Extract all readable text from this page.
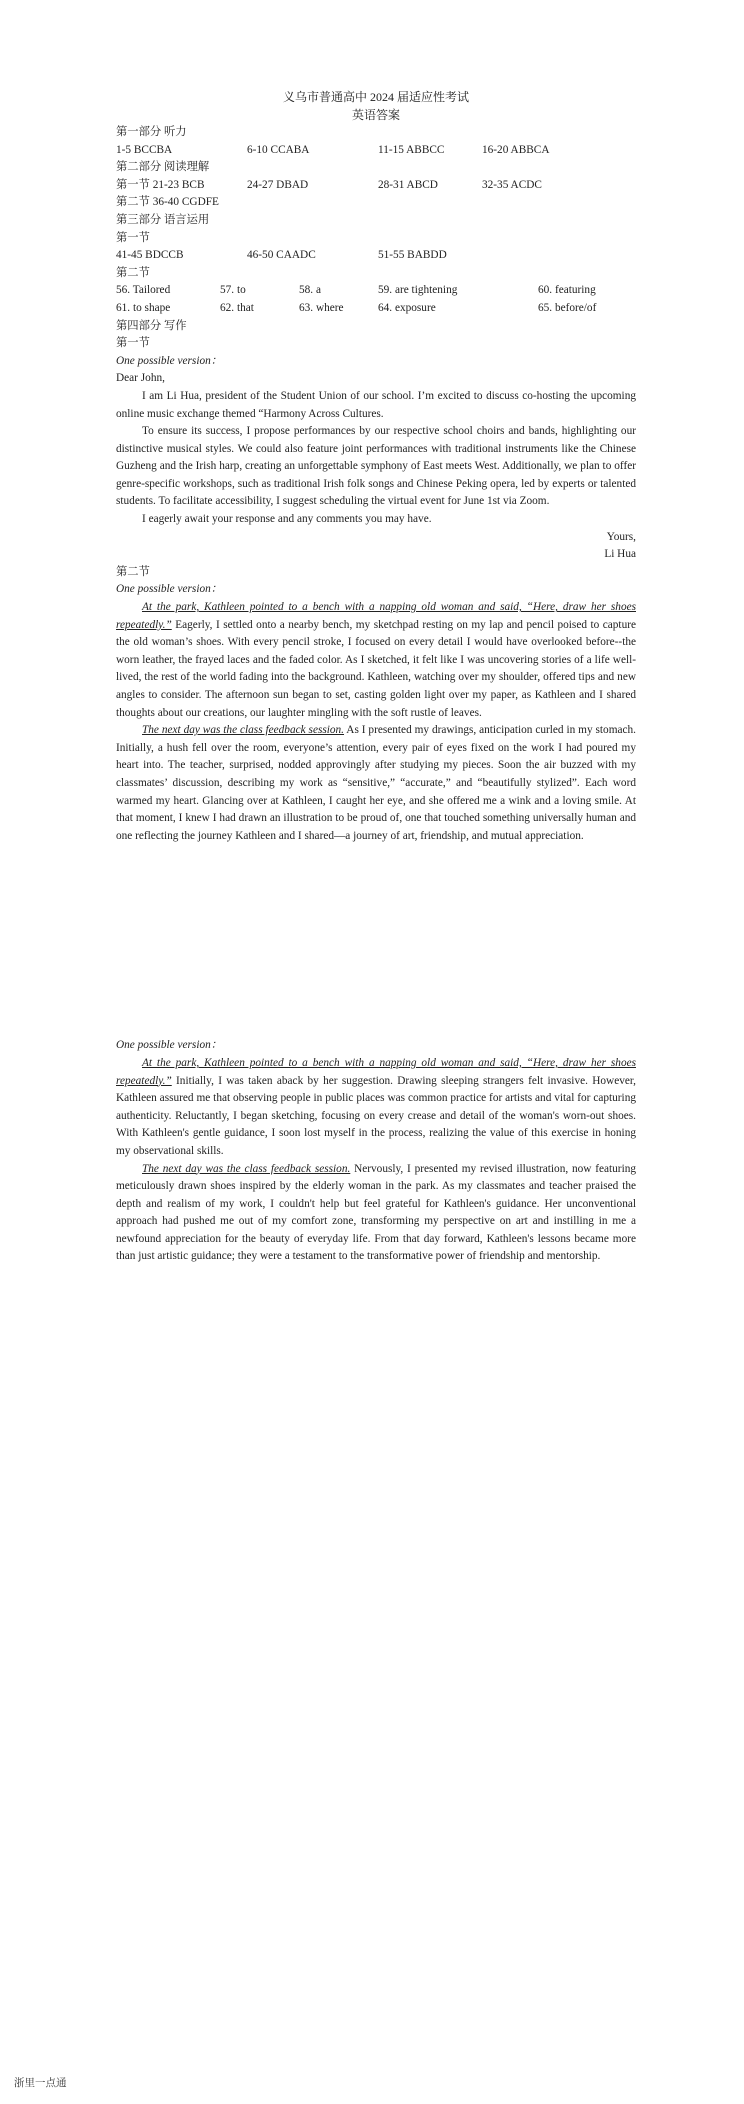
义乌市普通高中 2024 届适应性考试
英语答案
第一部分 听力
1-5 BCCBA	6-10 CCABA	11-15 ABBCC	16-20 ABBCA
第二部分 阅读理解
第一节 21-23 BCB	24-27 DBAD	28-31 ABCD	32-35 ACDC
第二节 36-40 CGDFE
第三部分 语言运用
第一节
41-45 BDCCB	46-50 CAADC	51-55 BABDD
第二节
56. Tailored	57. to	58. a	59. are tightening	60. featuring
61. to shape	62. that	63. where	64. exposure	65. before/of
第四部分 写作
第一节
One possible version：
Dear John,

I am Li Hua, president of the Student Union of our school. I’m excited to discuss co-hosting the upcoming online music exchange themed “Harmony Across Cultures.

To ensure its success, I propose performances by our respective school choirs and bands, highlighting our distinctive musical styles. We could also feature joint performances with traditional instruments like the Chinese Guzheng and the Irish harp, creating an unforgettable symphony of East meets West. Additionally, we plan to offer genre-specific workshops, such as traditional Irish folk songs and Chinese Peking opera, led by experts or talented students. To facilitate accessibility, I suggest scheduling the virtual event for June 1st via Zoom.

I eagerly await your response and any comments you may have.

Yours,
Li Hua
第二节
One possible version：

At the park, Kathleen pointed to a bench with a napping old woman and said, “Here, draw her shoes repeatedly.” Eagerly, I settled onto a nearby bench, my sketchpad resting on my lap and pencil poised to capture the old woman’s shoes. With every pencil stroke, I focused on every detail I would have overlooked before--the worn leather, the frayed laces and the faded color. As I sketched, it felt like I was uncovering stories of a life well-lived, the rest of the world fading into the background. Kathleen, watching over my shoulder, offered tips and new angles to consider. The afternoon sun began to set, casting golden light over my paper, as Kathleen and I shared thoughts about our creations, our laughter mingling with the soft rustle of leaves.

The next day was the class feedback session. As I presented my drawings, anticipation curled in my stomach. Initially, a hush fell over the room, everyone’s attention, every pair of eyes fixed on the work I had poured my heart into. The teacher, surprised, nodded approvingly after studying my pieces. Soon the air buzzed with my classmates’ discussion, describing my work as “sensitive,” “accurate,” and “beautifully stylized”. Each word warmed my heart. Glancing over at Kathleen, I caught her eye, and she offered me a wink and a loving smile. At that moment, I knew I had drawn an illustration to be proud of, one that touched something universally human and one reflecting the journey Kathleen and I shared—a journey of art, friendship, and mutual appreciation.

One possible version：

At the park, Kathleen pointed to a bench with a napping old woman and said, “Here, draw her shoes repeatedly.” Initially, I was taken aback by her suggestion. Drawing sleeping strangers felt invasive. However, Kathleen assured me that observing people in public places was common practice for artists and vital for capturing authenticity. Reluctantly, I began sketching, focusing on every crease and detail of the woman's worn-out shoes. With Kathleen's gentle guidance, I soon lost myself in the process, realizing the value of this exercise in honing my observational skills.

The next day was the class feedback session. Nervously, I presented my revised illustration, now featuring meticulously drawn shoes inspired by the elderly woman in the park. As my classmates and teacher praised the depth and realism of my work, I couldn't help but feel grateful for Kathleen's guidance. Her unconventional approach had pushed me out of my comfort zone, transforming my perspective on art and instilling in me a newfound appreciation for the beauty of everyday life. From that day forward, Kathleen's lessons became more than just artistic guidance; they were a testament to the transformative power of friendship and mentorship.

浙里一点通
